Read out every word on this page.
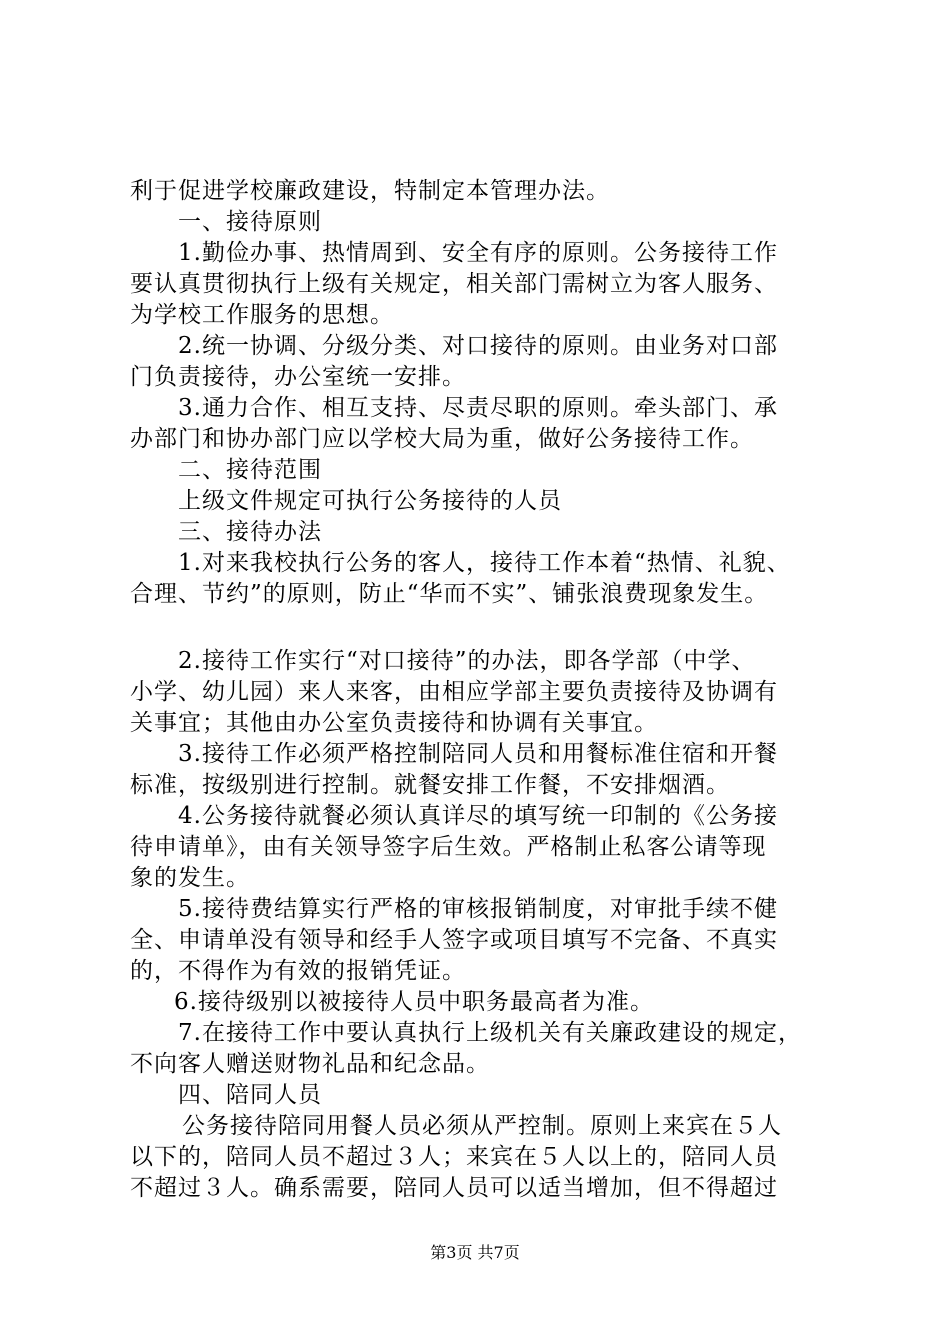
利于促进学校廉政建设，特制定本管理办法。
一、接待原则
1.勤俭办事、热情周到、安全有序的原则。公务接待工作
要认真贯彻执行上级有关规定，相关部门需树立为客人服务、
为学校工作服务的思想。
2.统一协调、分级分类、对口接待的原则。由业务对口部
门负责接待，办公室统一安排。
3.通力合作、相互支持、尽责尽职的原则。牵头部门、承
办部门和协办部门应以学校大局为重，做好公务接待工作。
二、接待范围
上级文件规定可执行公务接待的人员
三、接待办法
1.对来我校执行公务的客人，接待工作本着“热情、礼貌、
合理、节约”的原则，防止“华而不实”、铺张浪费现象发生。
2.接待工作实行“对口接待”的办法，即各学部（中学、
小学、幼儿园）来人来客，由相应学部主要负责接待及协调有
关事宜；其他由办公室负责接待和协调有关事宜。
3.接待工作必须严格控制陪同人员和用餐标准住宿和开餐
标准，按级别进行控制。就餐安排工作餐，不安排烟酒。
4.公务接待就餐必须认真详尽的填写统一印制的《公务接
待申请单》，由有关领导签字后生效。严格制止私客公请等现
象的发生。
5.接待费结算实行严格的审核报销制度，对审批手续不健
全、申请单没有领导和经手人签字或项目填写不完备、不真实
的，不得作为有效的报销凭证。
6.接待级别以被接待人员中职务最高者为准。
7.在接待工作中要认真执行上级机关有关廉政建设的规定，
不向客人赠送财物礼品和纪念品。
四、陪同人员
公务接待陪同用餐人员必须从严控制。原则上来宾在５人
以下的，陪同人员不超过３人；来宾在５人以上的，陪同人员
不超过３人。确系需要，陪同人员可以适当增加，但不得超过
第3页 共7页
